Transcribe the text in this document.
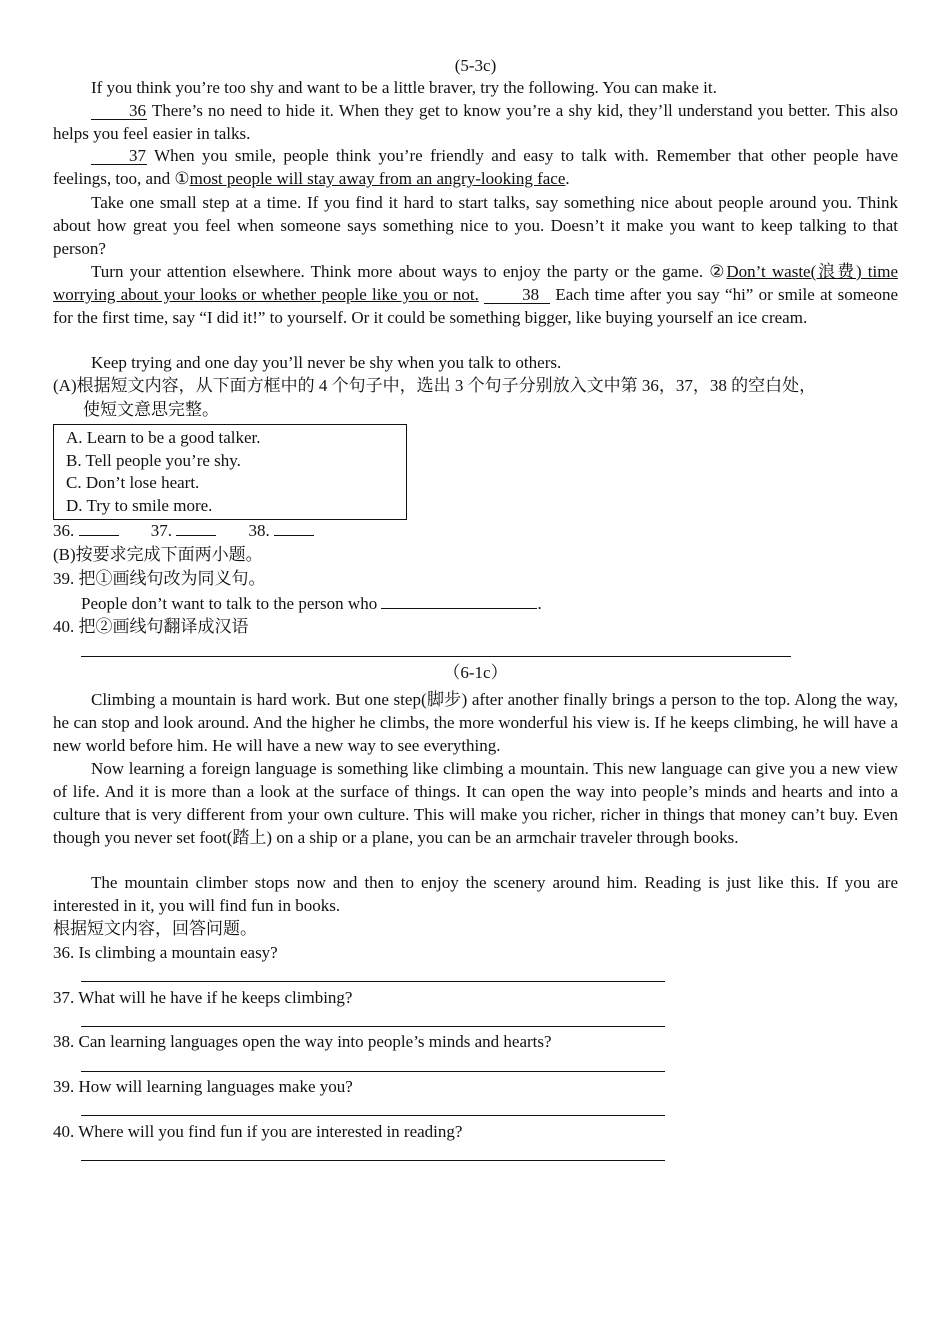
(5-3c)
If you think you’re too shy and want to be a little braver, try the following. You can make it.
36 There’s no need to hide it. When they get to know you’re a shy kid, they’ll understand you better. This also helps you feel easier in talks.
37 When you smile, people think you’re friendly and easy to talk with. Remember that other people have feelings, too, and ①most people will stay away from an angry-looking face.
Take one small step at a time. If you find it hard to start talks, say something nice about people around you. Think about how great you feel when someone says something nice to you. Doesn’t it make you want to keep talking to that person?
Turn your attention elsewhere. Think more about ways to enjoy the party or the game. ②Don’t waste(浪费) time worrying about your looks or whether people like you or not.	38 Each time after you say “hi” or smile at someone for the first time, say “I did it!” to yourself. Or it could be something bigger, like buying yourself an ice cream.
Keep trying and one day you’ll never be shy when you talk to others.
(A)根据短文内容，从下面方框中的 4 个句子中，选出 3 个句子分别放入文中第 36，37，38 的空白处，
使短文意思完整。
A. Learn to be a good talker.
B. Tell people you’re shy.
C. Don’t lose heart.
D. Try to smile more.
36.	37.	38.
(B)按要求完成下面两小题。
39. 把①画线句改为同义句。
People don’t want to talk to the person who	.
40. 把②画线句翻译成汉语
（6-1c）
Climbing a mountain is hard work. But one step(脚步) after another finally brings a person to the top. Along the way, he can stop and look around. And the higher he climbs, the more wonderful his view is. If he keeps climbing, he will have a new world before him. He will have a new way to see everything.
Now learning a foreign language is something like climbing a mountain. This new language can give you a new view of life. And it is more than a look at the surface of things. It can open the way into people’s minds and hearts and into a culture that is very different from your own culture. This will make you richer, richer in things that money can’t buy. Even though you never set foot(踏上) on a ship or a plane, you can be an armchair traveler through books.
The mountain climber stops now and then to enjoy the scenery around him. Reading is just like this. If you are interested in it, you will find fun in books.
根据短文内容，回答问题。
36. Is climbing a mountain easy?
37. What will he have if he keeps climbing?
38. Can learning languages open the way into people’s minds and hearts?
39. How will learning languages make you?
40. Where will you find fun if you are interested in reading?
